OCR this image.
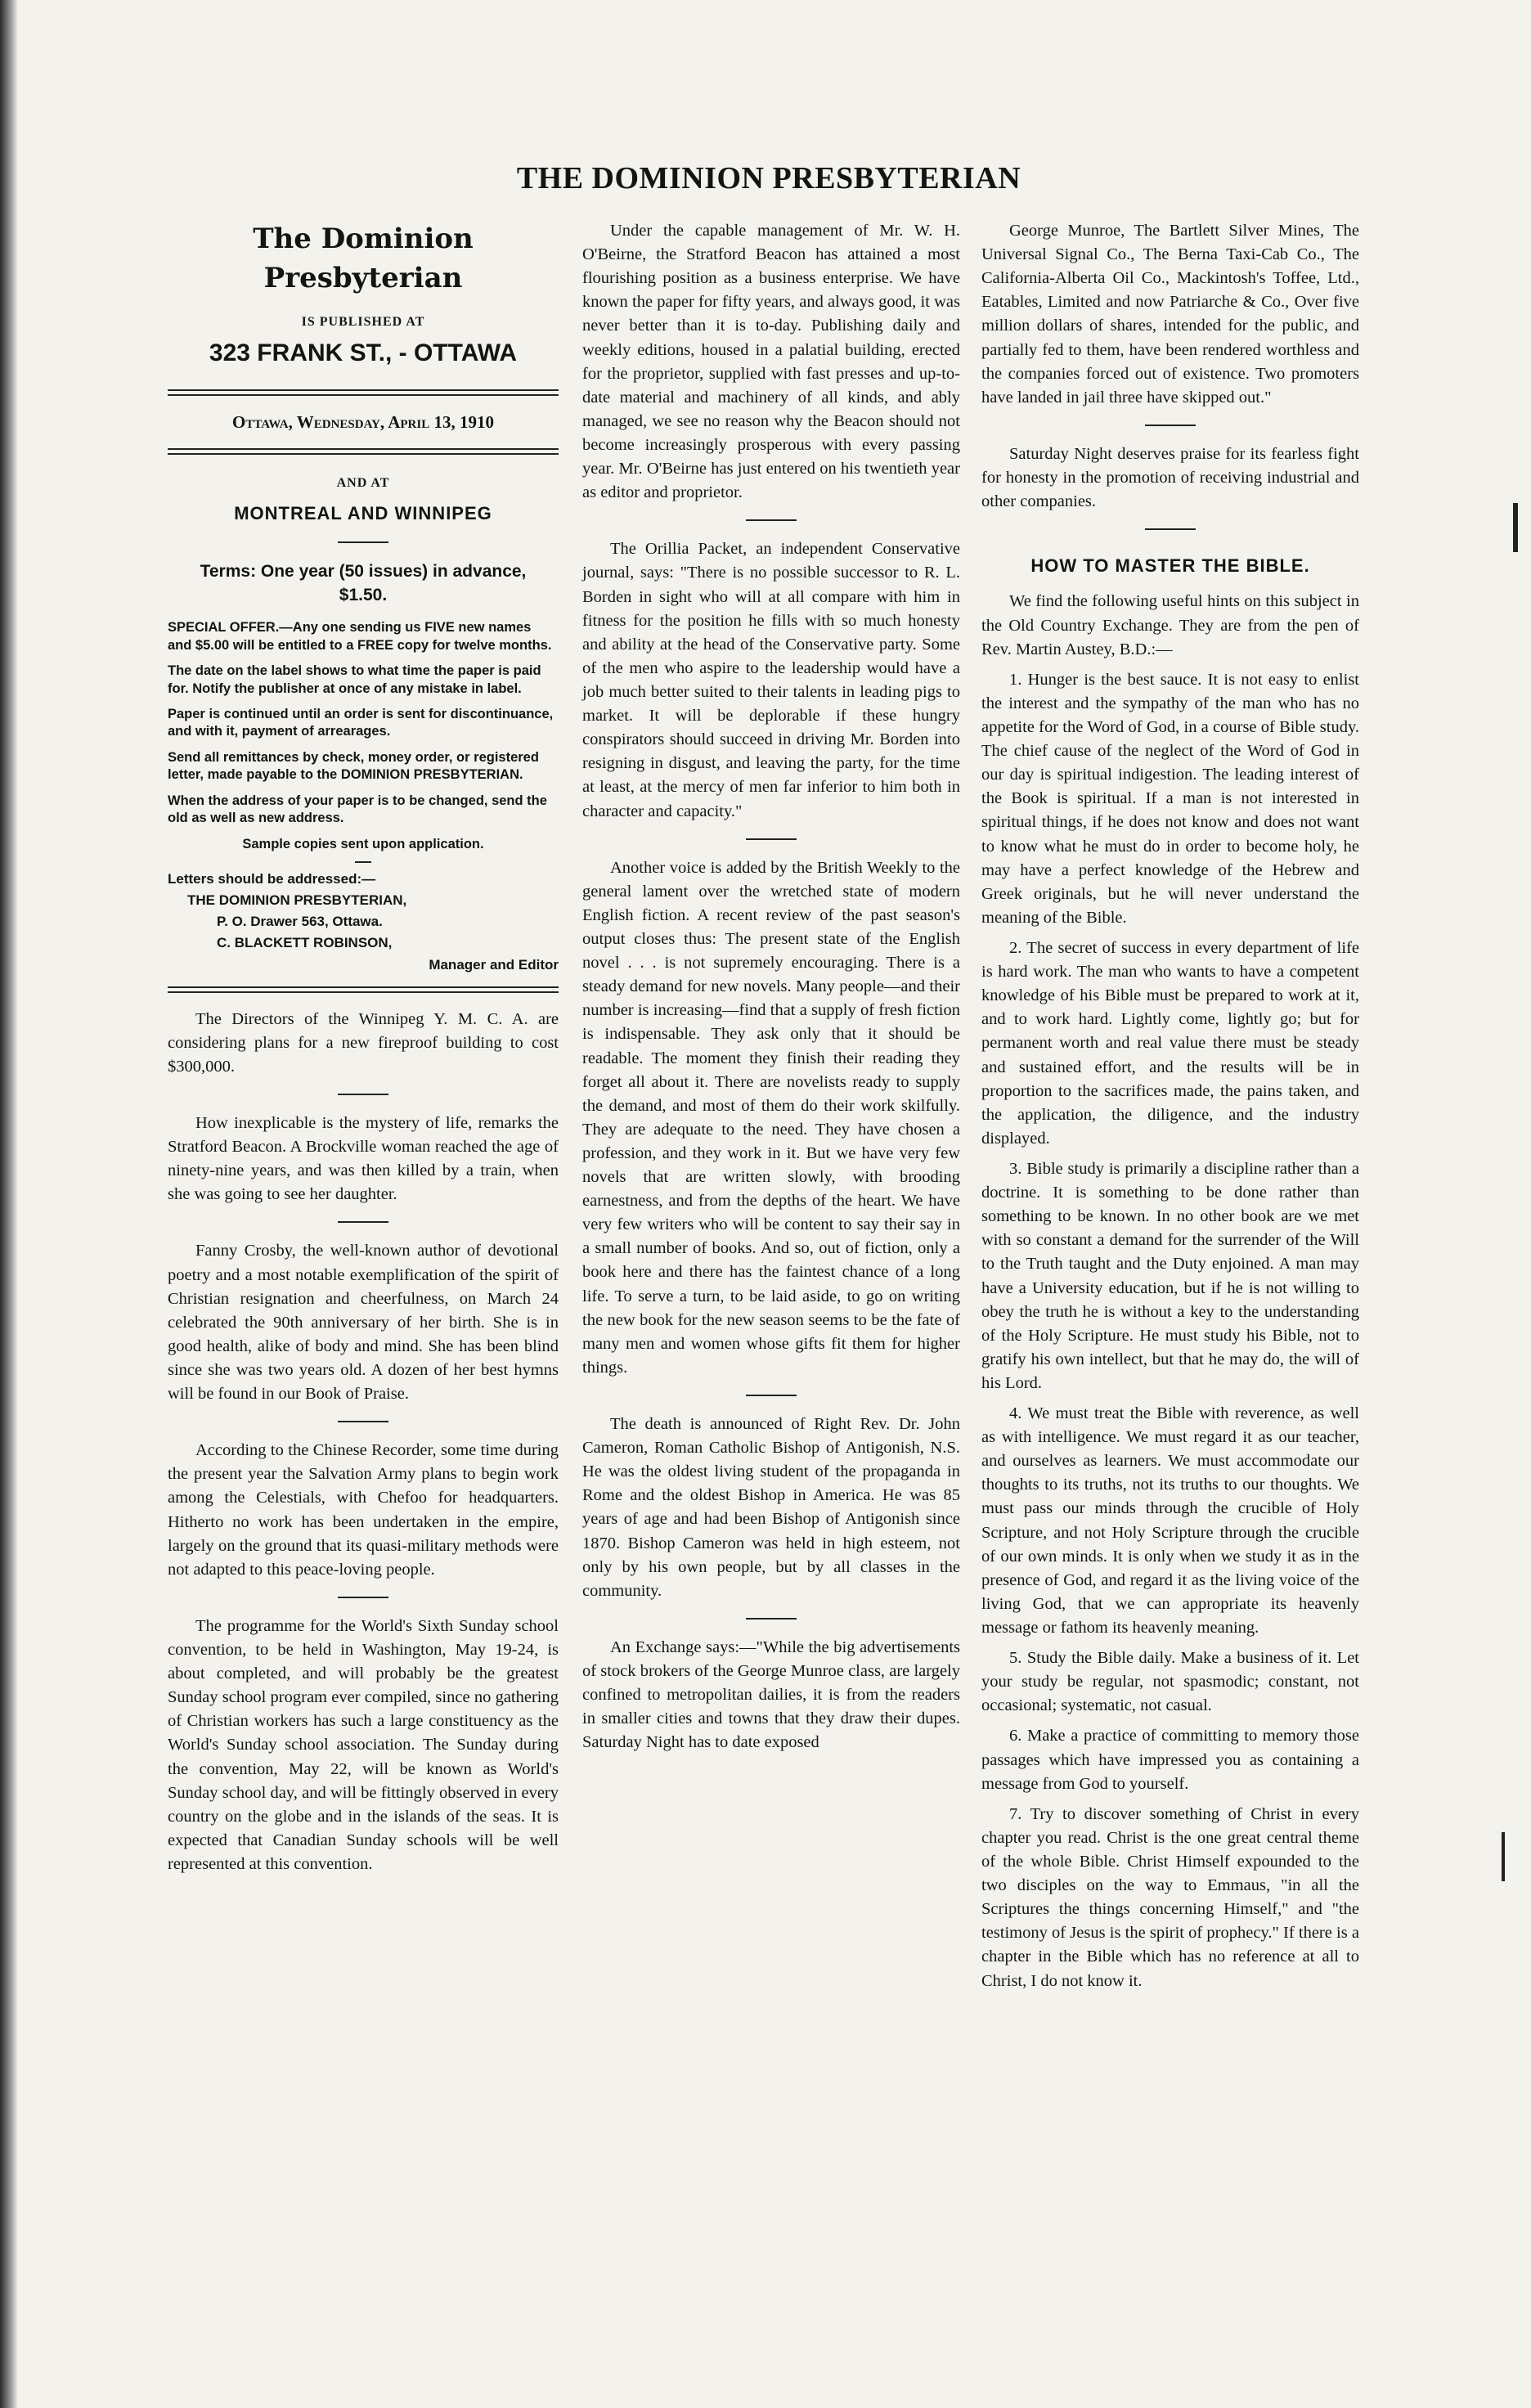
THE DOMINION PRESBYTERIAN
The Dominion Presbyterian
IS PUBLISHED AT
323 FRANK ST., - OTTAWA
Ottawa, Wednesday, April 13, 1910
AND AT
MONTREAL AND WINNIPEG
Terms: One year (50 issues) in advance, $1.50.
SPECIAL OFFER.—Any one sending us FIVE new names and $5.00 will be entitled to a FREE copy for twelve months.
The date on the label shows to what time the paper is paid for. Notify the publisher at once of any mistake in label.
Paper is continued until an order is sent for discontinuance, and with it, payment of arrearages.
Send all remittances by check, money order, or registered letter, made payable to the DOMINION PRESBYTERIAN.
When the address of your paper is to be changed, send the old as well as new address.
Sample copies sent upon application.
Letters should be addressed:—
THE DOMINION PRESBYTERIAN,
P. O. Drawer 563, Ottawa.
C. BLACKETT ROBINSON,
Manager and Editor

The Directors of the Winnipeg Y. M. C. A. are considering plans for a new fireproof building to cost $300,000.

How inexplicable is the mystery of life, remarks the Stratford Beacon. A Brockville woman reached the age of ninety-nine years, and was then killed by a train, when she was going to see her daughter.

Fanny Crosby, the well-known author of devotional poetry and a most notable exemplification of the spirit of Christian resignation and cheerfulness, on March 24 celebrated the 90th anniversary of her birth. She is in good health, alike of body and mind. She has been blind since she was two years old. A dozen of her best hymns will be found in our Book of Praise.

According to the Chinese Recorder, some time during the present year the Salvation Army plans to begin work among the Celestials, with Chefoo for headquarters. Hitherto no work has been undertaken in the empire, largely on the ground that its quasi-military methods were not adapted to this peace-loving people.

The programme for the World's Sixth Sunday school convention, to be held in Washington, May 19-24, is about completed, and will probably be the greatest Sunday school program ever compiled, since no gathering of Christian workers has such a large constituency as the World's Sunday school association. The Sunday during the convention, May 22, will be known as World's Sunday school day, and will be fittingly observed in every country on the globe and in the islands of the seas. It is expected that Canadian Sunday schools will be well represented at this convention.

Under the capable management of Mr. W. H. O'Beirne, the Stratford Beacon has attained a most flourishing position as a business enterprise. We have known the paper for fifty years, and always good, it was never better than it is to-day. Publishing daily and weekly editions, housed in a palatial building, erected for the proprietor, supplied with fast presses and up-to-date material and machinery of all kinds, and ably managed, we see no reason why the Beacon should not become increasingly prosperous with every passing year. Mr. O'Beirne has just entered on his twentieth year as editor and proprietor.

The Orillia Packet, an independent Conservative journal, says: "There is no possible successor to R. L. Borden in sight who will at all compare with him in fitness for the position he fills with so much honesty and ability at the head of the Conservative party. Some of the men who aspire to the leadership would have a job much better suited to their talents in leading pigs to market. It will be deplorable if these hungry conspirators should succeed in driving Mr. Borden into resigning in disgust, and leaving the party, for the time at least, at the mercy of men far inferior to him both in character and capacity."

Another voice is added by the British Weekly to the general lament over the wretched state of modern English fiction. A recent review of the past season's output closes thus: The present state of the English novel . . . is not supremely encouraging. There is a steady demand for new novels. Many people—and their number is increasing—find that a supply of fresh fiction is indispensable. They ask only that it should be readable. The moment they finish their reading they forget all about it. There are novelists ready to supply the demand, and most of them do their work skilfully. They are adequate to the need. They have chosen a profession, and they work in it. But we have very few novels that are written slowly, with brooding earnestness, and from the depths of the heart. We have very few writers who will be content to say their say in a small number of books. And so, out of fiction, only a book here and there has the faintest chance of a long life. To serve a turn, to be laid aside, to go on writing the new book for the new season seems to be the fate of many men and women whose gifts fit them for higher things.

The death is announced of Right Rev. Dr. John Cameron, Roman Catholic Bishop of Antigonish, N.S. He was the oldest living student of the propaganda in Rome and the oldest Bishop in America. He was 85 years of age and had been Bishop of Antigonish since 1870. Bishop Cameron was held in high esteem, not only by his own people, but by all classes in the community.

An Exchange says:—"While the big advertisements of stock brokers of the George Munroe class, are largely confined to metropolitan dailies, it is from the readers in smaller cities and towns that they draw their dupes. Saturday Night has to date exposed

George Munroe, The Bartlett Silver Mines, The Universal Signal Co., The Berna Taxi-Cab Co., The California-Alberta Oil Co., Mackintosh's Toffee, Ltd., Eatables, Limited and now Patriarche & Co., Over five million dollars of shares, intended for the public, and partially fed to them, have been rendered worthless and the companies forced out of existence. Two promoters have landed in jail three have skipped out."

Saturday Night deserves praise for its fearless fight for honesty in the promotion of receiving industrial and other companies.

HOW TO MASTER THE BIBLE.

We find the following useful hints on this subject in the Old Country Exchange. They are from the pen of Rev. Martin Austey, B.D.:—

1. Hunger is the best sauce. It is not easy to enlist the interest and the sympathy of the man who has no appetite for the Word of God, in a course of Bible study. The chief cause of the neglect of the Word of God in our day is spiritual indigestion. The leading interest of the Book is spiritual. If a man is not interested in spiritual things, if he does not know and does not want to know what he must do in order to become holy, he may have a perfect knowledge of the Hebrew and Greek originals, but he will never understand the meaning of the Bible.

2. The secret of success in every department of life is hard work. The man who wants to have a competent knowledge of his Bible must be prepared to work at it, and to work hard. Lightly come, lightly go; but for permanent worth and real value there must be steady and sustained effort, and the results will be in proportion to the sacrifices made, the pains taken, and the application, the diligence, and the industry displayed.

3. Bible study is primarily a discipline rather than a doctrine. It is something to be done rather than something to be known. In no other book are we met with so constant a demand for the surrender of the Will to the Truth taught and the Duty enjoined. A man may have a University education, but if he is not willing to obey the truth he is without a key to the understanding of the Holy Scripture. He must study his Bible, not to gratify his own intellect, but that he may do, the will of his Lord.

4. We must treat the Bible with reverence, as well as with intelligence. We must regard it as our teacher, and ourselves as learners. We must accommodate our thoughts to its truths, not its truths to our thoughts. We must pass our minds through the crucible of Holy Scripture, and not Holy Scripture through the crucible of our own minds. It is only when we study it as in the presence of God, and regard it as the living voice of the living God, that we can appropriate its heavenly message or fathom its heavenly meaning.

5. Study the Bible daily. Make a business of it. Let your study be regular, not spasmodic; constant, not occasional; systematic, not casual.

6. Make a practice of committing to memory those passages which have impressed you as containing a message from God to yourself.

7. Try to discover something of Christ in every chapter you read. Christ is the one great central theme of the whole Bible. Christ Himself expounded to the two disciples on the way to Emmaus, "in all the Scriptures the things concerning Himself," and "the testimony of Jesus is the spirit of prophecy." If there is a chapter in the Bible which has no reference at all to Christ, I do not know it.
